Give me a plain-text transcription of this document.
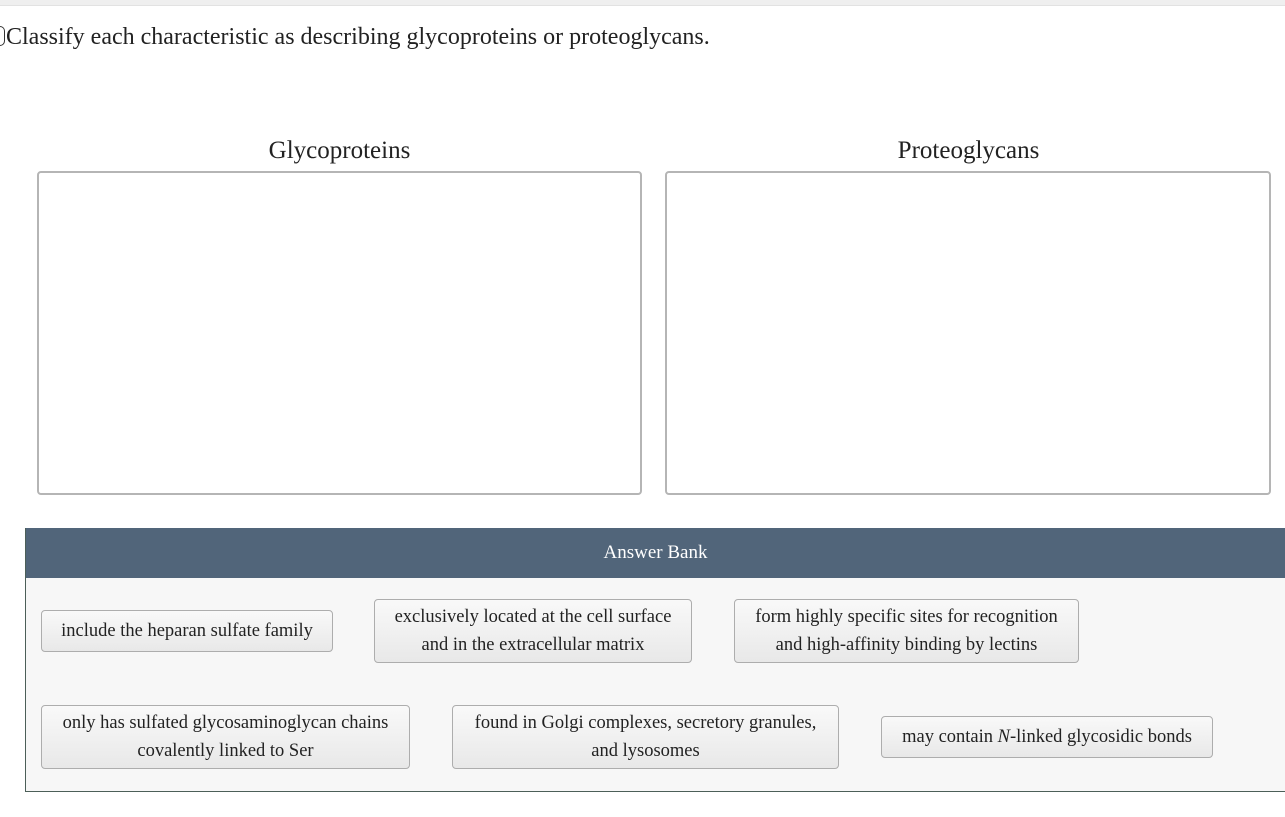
Classify each characteristic as describing glycoproteins or proteoglycans.
Glycoproteins	Proteoglycans
Answer Bank
include the heparan sulfate family
exclusively located at the cell surface
and in the extracellular matrix
form highly specific sites for recognition
and high-affinity binding by lectins
only has sulfated glycosaminoglycan chains
covalently linked to Ser
found in Golgi complexes, secretory granules,
and lysosomes
may contain N-linked glycosidic bonds
